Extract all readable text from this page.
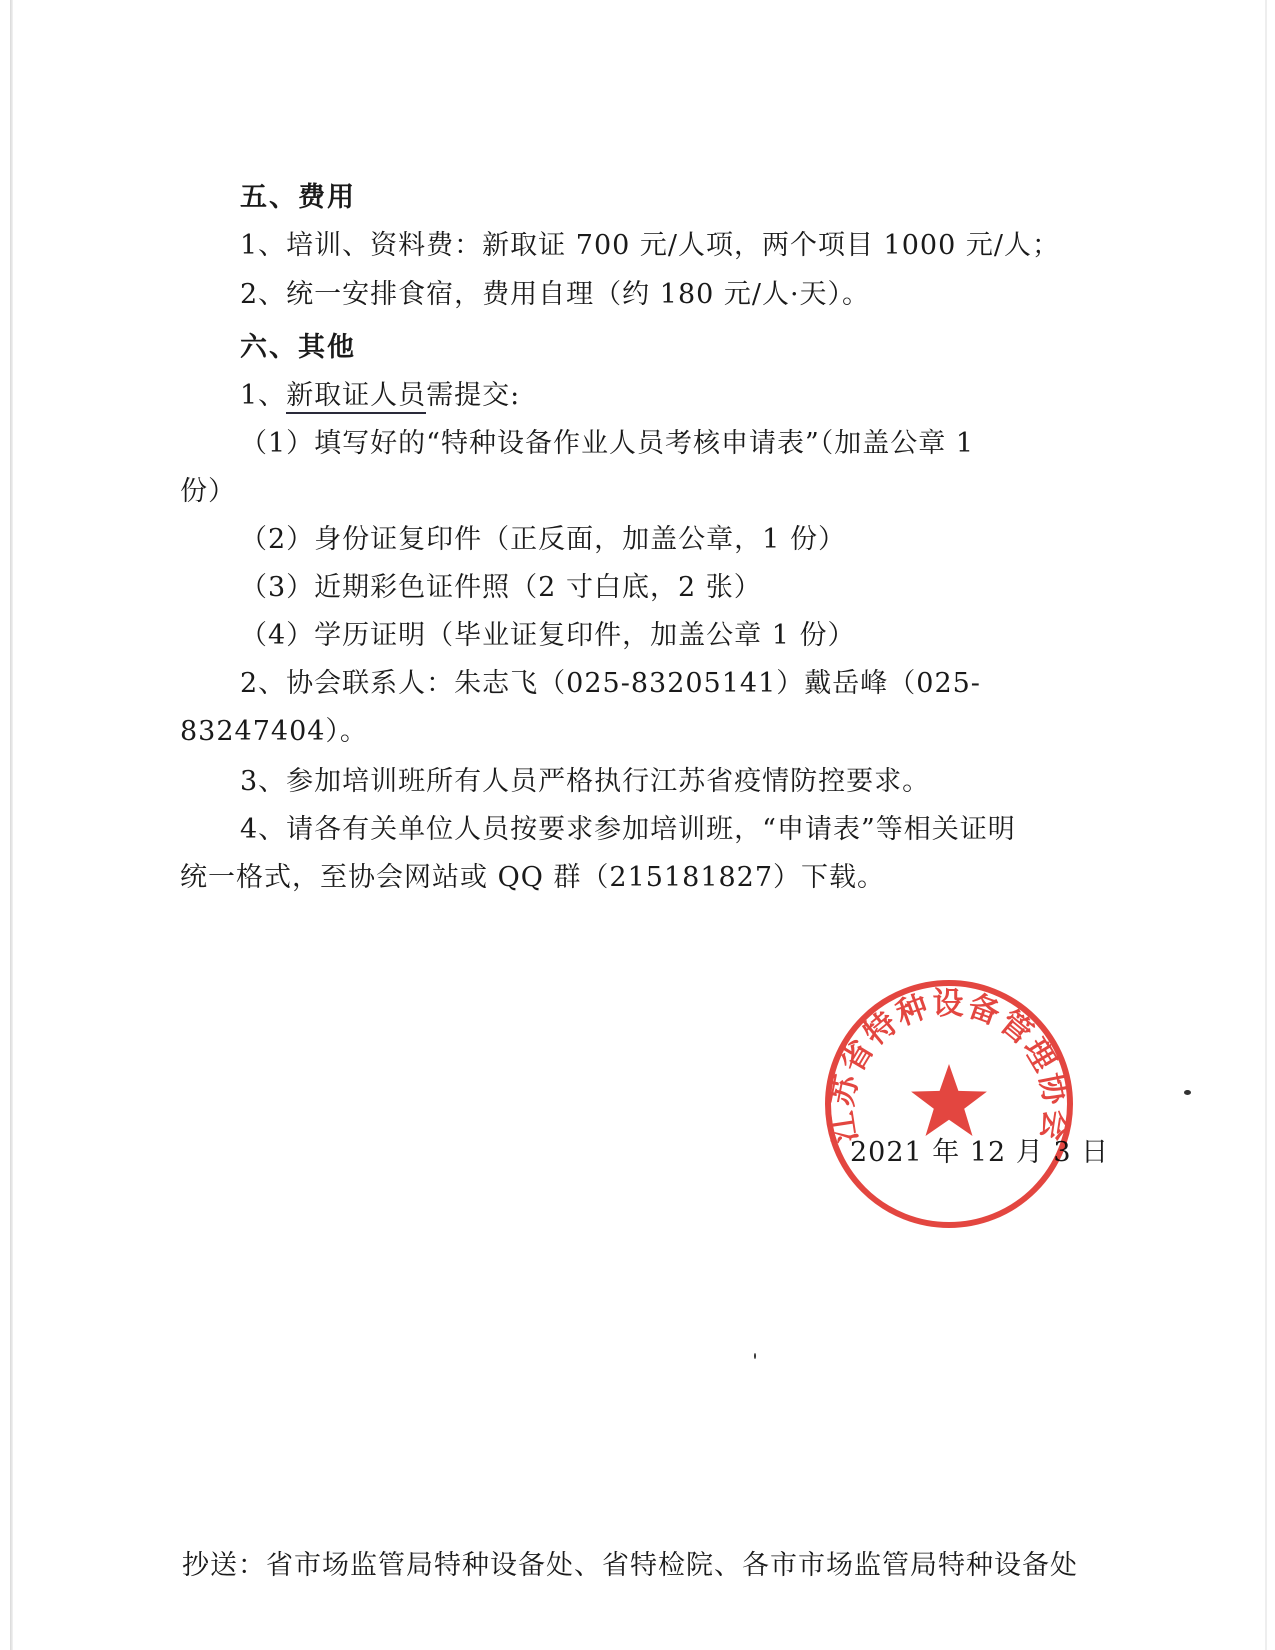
五、费用
1、培训、资料费：新取证 700 元/人项，两个项目 1000 元/人；
2、统一安排食宿，费用自理（约 180 元/人·天）。
六、其他
1、新取证人员需提交:
（1）填写好的“特种设备作业人员考核申请表”（加盖公章 1
份）
（2）身份证复印件（正反面，加盖公章，1 份）
（3）近期彩色证件照（2 寸白底，2 张）
（4）学历证明（毕业证复印件，加盖公章 1 份）
2、协会联系人：朱志飞（025-83205141）戴岳峰（025-
83247404）。
3、参加培训班所有人员严格执行江苏省疫情防控要求。
4、请各有关单位人员按要求参加培训班，“申请表”等相关证明
统一格式，至协会网站或 QQ 群（215181827）下载。
2021 年 12 月 3 日
江苏省特种设备管理协会
抄送：省市场监管局特种设备处、省特检院、各市市场监管局特种设备处
